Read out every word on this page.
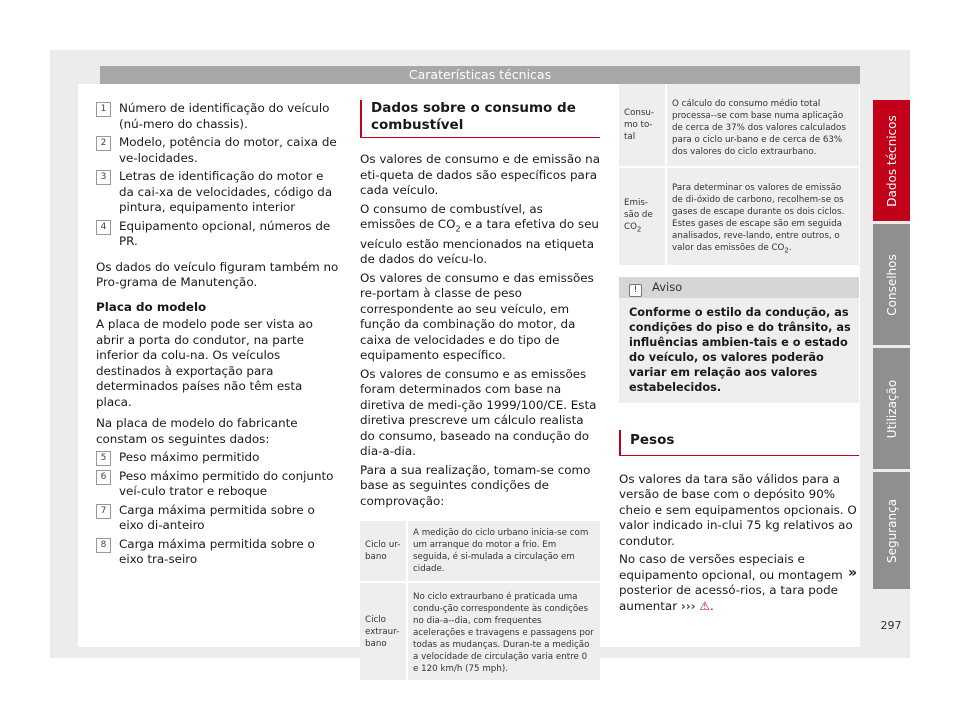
Caraterísticas técnicas
1	Número de identificação do veículo (nú-mero do chassis).
2	Modelo, potência do motor, caixa de ve-locidades.
3	Letras de identificação do motor e da cai-xa de velocidades, código da pintura, equipamento interior
4	Equipamento opcional, números de PR.

Os dados do veículo figuram também no Pro-grama de Manutenção.

Placa do modelo

A placa de modelo pode ser vista ao abrir a porta do condutor, na parte inferior da colu-na. Os veículos destinados à exportação para determinados países não têm esta placa.

Na placa de modelo do fabricante constam os seguintes dados:

5	Peso máximo permitido
6	Peso máximo permitido do conjunto veí-culo trator e reboque
7	Carga máxima permitida sobre o eixo di-anteiro
8	Carga máxima permitida sobre o eixo tra-seiro
Dados sobre o consumo de combustível

Os valores de consumo e de emissão na eti-queta de dados são específicos para cada veículo.

O consumo de combustível, as emissões de $CO_2$ e a tara efetiva do seu veículo estão mencionados na etiqueta de dados do veícu-lo.

Os valores de consumo e das emissões re-portam à classe de peso correspondente ao seu veículo, em função da combinação do motor, da caixa de velocidades e do tipo de equipamento específico.

Os valores de consumo e as emissões foram determinados com base na diretiva de medi-ção 1999/100/CE. Esta diretiva prescreve um cálculo realista do consumo, baseado na condução do dia-a-dia.

Para a sua realização, tomam-se como base as seguintes condições de comprovação:

Ciclo ur-bano	A medição do ciclo urbano inicia-se com um arranque do motor a frio. Em seguida, é si-mulada a circulação em cidade.
Ciclo extraur-bano	No ciclo extraurbano é praticada uma condu-ção correspondente às condições no dia-a--dia, com frequentes acelerações e travagens e passagens por todas as mudanças. Duran-te a medição a velocidade de circulação varia entre 0 e 120 km/h (75 mph).
Consu-mo to-tal	O cálculo do consumo médio total processa--se com base numa aplicação de cerca de 37% dos valores calculados para o ciclo ur-bano e de cerca de 63% dos valores do ciclo extraurbano.
Emis-são de $CO_2$	Para determinar os valores de emissão de di-óxido de carbono, recolhem-se os gases de escape durante os dois ciclos. Estes gases de escape são em seguida analisados, reve-lando, entre outros, o valor das emissões de $CO_2$.
! Aviso
Conforme o estilo da condução, as condições do piso e do trânsito, as influências ambien-tais e o estado do veículo, os valores poderão variar em relação aos valores estabelecidos.
Pesos

Os valores da tara são válidos para a versão de base com o depósito 90% cheio e sem equipamentos opcionais. O valor indicado in-clui 75 kg relativos ao condutor.

No caso de versões especiais e equipamento opcional, ou montagem posterior de acessó-rios, a tara pode aumentar ››› ⚠.
»

Dados técnicos
Conselhos
Utilização
Segurança
297
